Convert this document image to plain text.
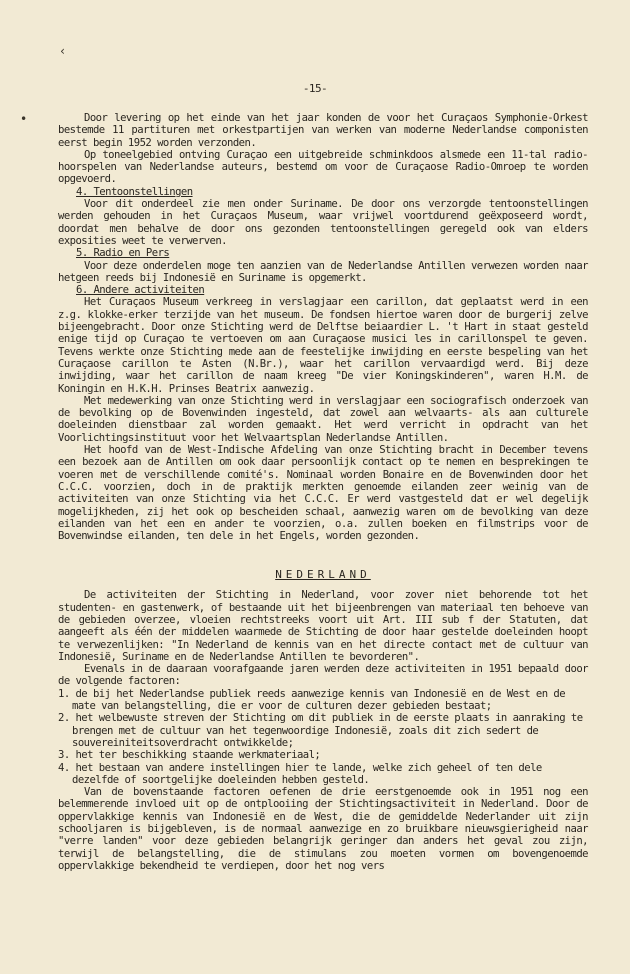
‹
•
-15-

Door levering op het einde van het jaar konden de voor het Curaçaos Symphonie-Orkest bestemde 11 partituren met orkestpartijen van werken van moderne Nederlandse componisten eerst begin 1952 worden verzonden.

Op toneelgebied ontving Curaçao een uitgebreide schminkdoos alsmede een 11-tal radio-hoorspelen van Nederlandse auteurs, bestemd om voor de Curaçaose Radio-Omroep te worden opgevoerd.

4. Tentoonstellingen

Voor dit onderdeel zie men onder Suriname. De door ons verzorgde tentoonstellingen werden gehouden in het Curaçaos Museum, waar vrijwel voortdurend geëxposeerd wordt, doordat men behalve de door ons gezonden tentoonstellingen geregeld ook van elders exposities weet te verwerven.

5. Radio en Pers

Voor deze onderdelen moge ten aanzien van de Nederlandse Antillen verwezen worden naar hetgeen reeds bij Indonesië en Suriname is opgemerkt.

6. Andere activiteiten

Het Curaçaos Museum verkreeg in verslagjaar een carillon, dat geplaatst werd in een z.g. klokke-erker terzijde van het museum. De fondsen hiertoe waren door de burgerij zelve bijeengebracht. Door onze Stichting werd de Delftse beiaardier L. 't Hart in staat gesteld enige tijd op Curaçao te vertoeven om aan Curaçaose musici les in carillonspel te geven. Tevens werkte onze Stichting mede aan de feestelijke inwijding en eerste bespeling van het Curaçaose carillon te Asten (N.Br.), waar het carillon vervaardigd werd. Bij deze inwijding, waar het carillon de naam kreeg "De vier Koningskinderen", waren H.M. de Koningin en H.K.H. Prinses Beatrix aanwezig.

Met medewerking van onze Stichting werd in verslagjaar een sociografisch onderzoek van de bevolking op de Bovenwinden ingesteld, dat zowel aan welvaarts- als aan culturele doeleinden dienstbaar zal worden gemaakt. Het werd verricht in opdracht van het Voorlichtingsinstituut voor het Welvaartsplan Nederlandse Antillen.

Het hoofd van de West-Indische Afdeling van onze Stichting bracht in December tevens een bezoek aan de Antillen om ook daar persoonlijk contact op te nemen en besprekingen te voeren met de verschillende comité's. Nominaal worden Bonaire en de Bovenwinden door het C.C.C. voorzien, doch in de praktijk merkten genoemde eilanden zeer weinig van de activiteiten van onze Stichting via het C.C.C. Er werd vastgesteld dat er wel degelijk mogelijkheden, zij het ook op bescheiden schaal, aanwezig waren om de bevolking van deze eilanden van het een en ander te voorzien, o.a. zullen boeken en filmstrips voor de Bovenwindse eilanden, ten dele in het Engels, worden gezonden.

NEDERLAND

De activiteiten der Stichting in Nederland, voor zover niet behorende tot het studenten- en gastenwerk, of bestaande uit het bijeenbrengen van materiaal ten behoeve van de gebieden overzee, vloeien rechtstreeks voort uit Art. III sub f der Statuten, dat aangeeft als één der middelen waarmede de Stichting de door haar gestelde doeleinden hoopt te verwezenlijken: "In Nederland de kennis van en het directe contact met de cultuur van Indonesië, Suriname en de Nederlandse Antillen te bevorderen".

Evenals in de daaraan voorafgaande jaren werden deze activiteiten in 1951 bepaald door de volgende factoren:

1. de bij het Nederlandse publiek reeds aanwezige kennis van Indonesië en de West en de mate van belangstelling, die er voor de culturen dezer gebieden bestaat;

2. het welbewuste streven der Stichting om dit publiek in de eerste plaats in aanraking te brengen met de cultuur van het tegenwoordige Indonesië, zoals dit zich sedert de souvereiniteitsoverdracht ontwikkelde;

3. het ter beschikking staande werkmateriaal;

4. het bestaan van andere instellingen hier te lande, welke zich geheel of ten dele dezelfde of soortgelijke doeleinden hebben gesteld.

Van de bovenstaande factoren oefenen de drie eerstgenoemde ook in 1951 nog een belemmerende invloed uit op de ontplooiing der Stichtingsactiviteit in Nederland. Door de oppervlakkige kennis van Indonesië en de West, die de gemiddelde Nederlander uit zijn schooljaren is bijgebleven, is de normaal aanwezige en zo bruikbare nieuwsgierigheid naar "verre landen" voor deze gebieden belangrijk geringer dan anders het geval zou zijn, terwijl de belangstelling, die de stimulans zou moeten vormen om bovengenoemde oppervlakkige bekendheid te verdiepen, door het nog vers
